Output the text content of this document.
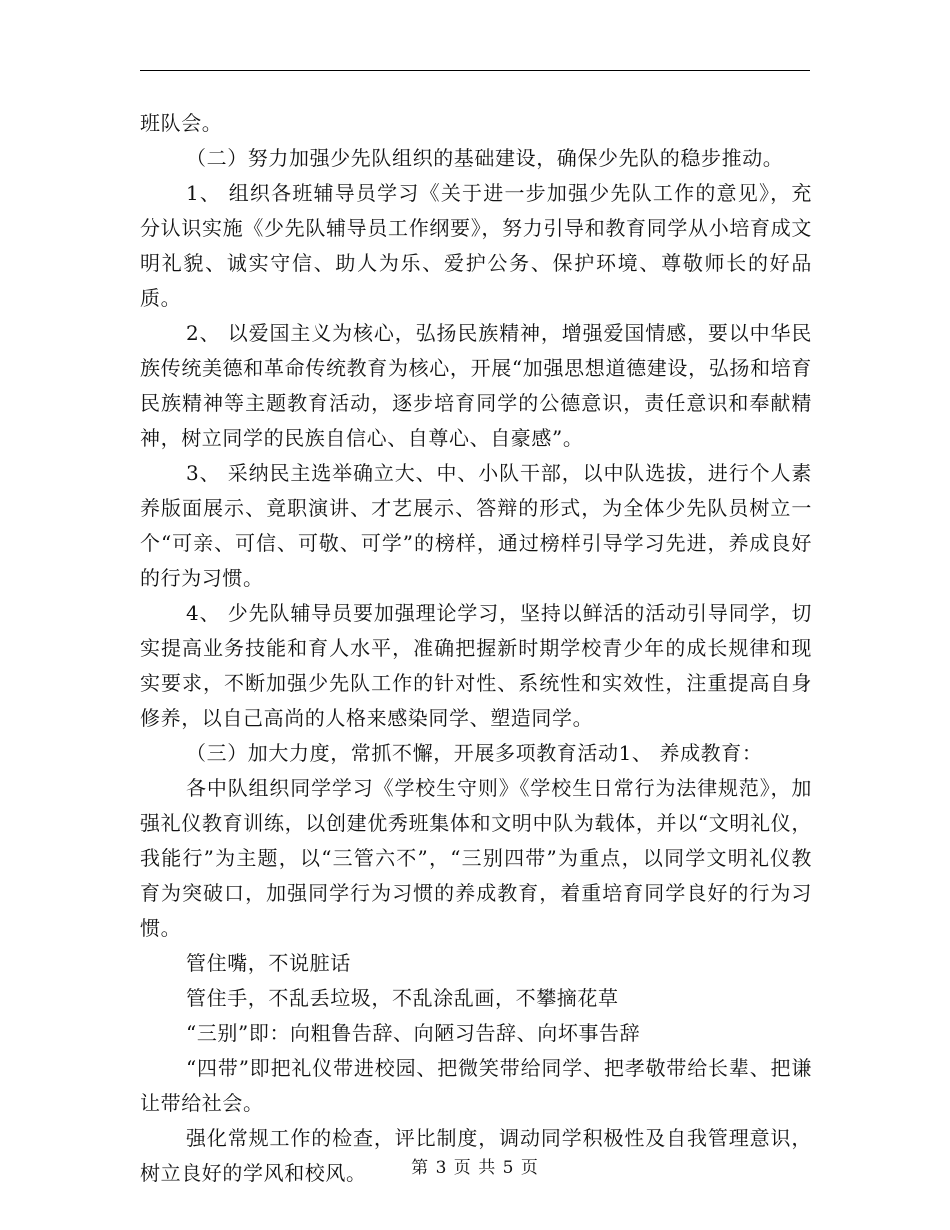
班队会。

（二）努力加强少先队组织的基础建设，确保少先队的稳步推动。

1、 组织各班辅导员学习《关于进一步加强少先队工作的意见》，充分认识实施《少先队辅导员工作纲要》，努力引导和教育同学从小培育成文明礼貌、诚实守信、助人为乐、爱护公务、保护环境、尊敬师长的好品质。

2、 以爱国主义为核心，弘扬民族精神，增强爱国情感，要以中华民族传统美德和革命传统教育为核心，开展“加强思想道德建设，弘扬和培育民族精神等主题教育活动，逐步培育同学的公德意识，责任意识和奉献精神，树立同学的民族自信心、自尊心、自豪感”。

3、 采纳民主选举确立大、中、小队干部，以中队选拔，进行个人素养版面展示、竟职演讲、才艺展示、答辩的形式，为全体少先队员树立一个“可亲、可信、可敬、可学”的榜样，通过榜样引导学习先进，养成良好的行为习惯。

4、 少先队辅导员要加强理论学习，坚持以鲜活的活动引导同学，切实提高业务技能和育人水平，准确把握新时期学校青少年的成长规律和现实要求，不断加强少先队工作的针对性、系统性和实效性，注重提高自身修养，以自己高尚的人格来感染同学、塑造同学。

（三）加大力度，常抓不懈，开展多项教育活动1、 养成教育：

各中队组织同学学习《学校生守则》《学校生日常行为法律规范》，加强礼仪教育训练，以创建优秀班集体和文明中队为载体，并以“文明礼仪，我能行”为主题，以“三管六不”，“三别四带”为重点，以同学文明礼仪教育为突破口，加强同学行为习惯的养成教育，着重培育同学良好的行为习惯。

管住嘴，不说脏话

管住手，不乱丢垃圾，不乱涂乱画，不攀摘花草

“三别”即：向粗鲁告辞、向陋习告辞、向坏事告辞

“四带”即把礼仪带进校园、把微笑带给同学、把孝敬带给长辈、把谦让带给社会。

强化常规工作的检查，评比制度，调动同学积极性及自我管理意识，树立良好的学风和校风。	第 3 页 共 5 页
